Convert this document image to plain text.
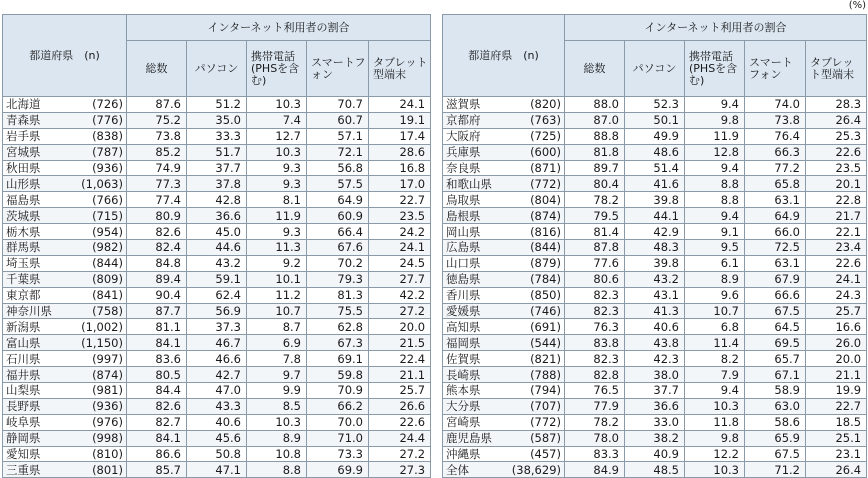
(%)
都道府県　(n)	インターネット利用者の割合				
	総数	パソコン	携帯電話(PHSを含む)	スマートフォン	タブレット型端末

北海道 (726)	87.6	51.2	10.3	70.7	24.1

青森県 (776)	75.2	35.0	7.4	60.7	19.1

岩手県 (838)	73.8	33.3	12.7	57.1	17.4

宮城県 (787)	85.2	51.7	10.3	72.1	28.6

秋田県 (936)	74.9	37.7	9.3	56.8	16.8

山形県 (1,063)	77.3	37.8	9.3	57.5	17.0

福島県 (766)	77.4	42.8	8.1	64.9	22.7

茨城県 (715)	80.9	36.6	11.9	60.9	23.5

栃木県 (954)	82.6	45.0	9.3	66.4	24.2

群馬県 (982)	82.4	44.6	11.3	67.6	24.1

埼玉県 (844)	84.8	43.2	9.2	70.2	24.5

千葉県 (809)	89.4	59.1	10.1	79.3	27.7

東京都 (841)	90.4	62.4	11.2	81.3	42.2

神奈川県 (758)	87.7	56.9	10.7	75.5	27.2

新潟県 (1,002)	81.1	37.3	8.7	62.8	20.0

富山県 (1,150)	84.1	46.7	6.9	67.3	21.5

石川県 (997)	83.6	46.6	7.8	69.1	22.4

福井県 (874)	80.5	42.7	9.7	59.8	21.1

山梨県 (981)	84.4	47.0	9.9	70.9	25.7

長野県 (936)	82.6	43.3	8.5	66.2	26.6

岐阜県 (976)	82.7	40.6	10.3	70.0	22.6

静岡県 (998)	84.1	45.6	8.9	71.0	24.4

愛知県 (810)	86.6	50.8	10.8	73.3	27.2

三重県 (801)	85.7	47.1	8.8	69.9	27.3
都道府県　(n)	インターネット利用者の割合				
	総数	パソコン	携帯電話(PHSを含む)	スマートフォン	タブレット型端末

滋賀県 (820)	88.0	52.3	9.4	74.0	28.3

京都府 (763)	87.0	50.1	9.8	73.8	26.4

大阪府 (725)	88.8	49.9	11.9	76.4	25.3

兵庫県 (600)	81.8	48.6	12.8	66.3	22.6

奈良県 (871)	89.7	51.4	9.4	77.2	23.5

和歌山県 (772)	80.4	41.6	8.8	65.8	20.1

鳥取県 (804)	78.2	39.8	8.8	63.1	22.8

島根県 (874)	79.5	44.1	9.4	64.9	21.7

岡山県 (816)	81.4	42.9	9.1	66.0	22.1

広島県 (844)	87.8	48.3	9.5	72.5	23.4

山口県 (879)	77.6	39.8	6.1	63.1	22.6

徳島県 (784)	80.6	43.2	8.9	67.9	24.1

香川県 (850)	82.3	43.1	9.6	66.6	24.3

愛媛県 (746)	82.3	41.3	10.7	67.5	25.7

高知県 (691)	76.3	40.6	6.8	64.5	16.6

福岡県 (544)	83.8	43.8	11.4	69.5	26.0

佐賀県 (821)	82.3	42.3	8.2	65.7	20.0

長崎県 (788)	82.8	38.0	7.9	67.1	21.1

熊本県 (794)	76.5	37.7	9.4	58.9	19.9

大分県 (707)	77.9	36.6	10.3	63.0	22.7

宮崎県 (772)	78.2	33.0	11.8	58.6	18.5

鹿児島県 (587)	78.0	38.2	9.8	65.9	25.1

沖縄県 (457)	83.3	40.9	12.2	67.5	23.1

全体 (38,629)	84.9	48.5	10.3	71.2	26.4
